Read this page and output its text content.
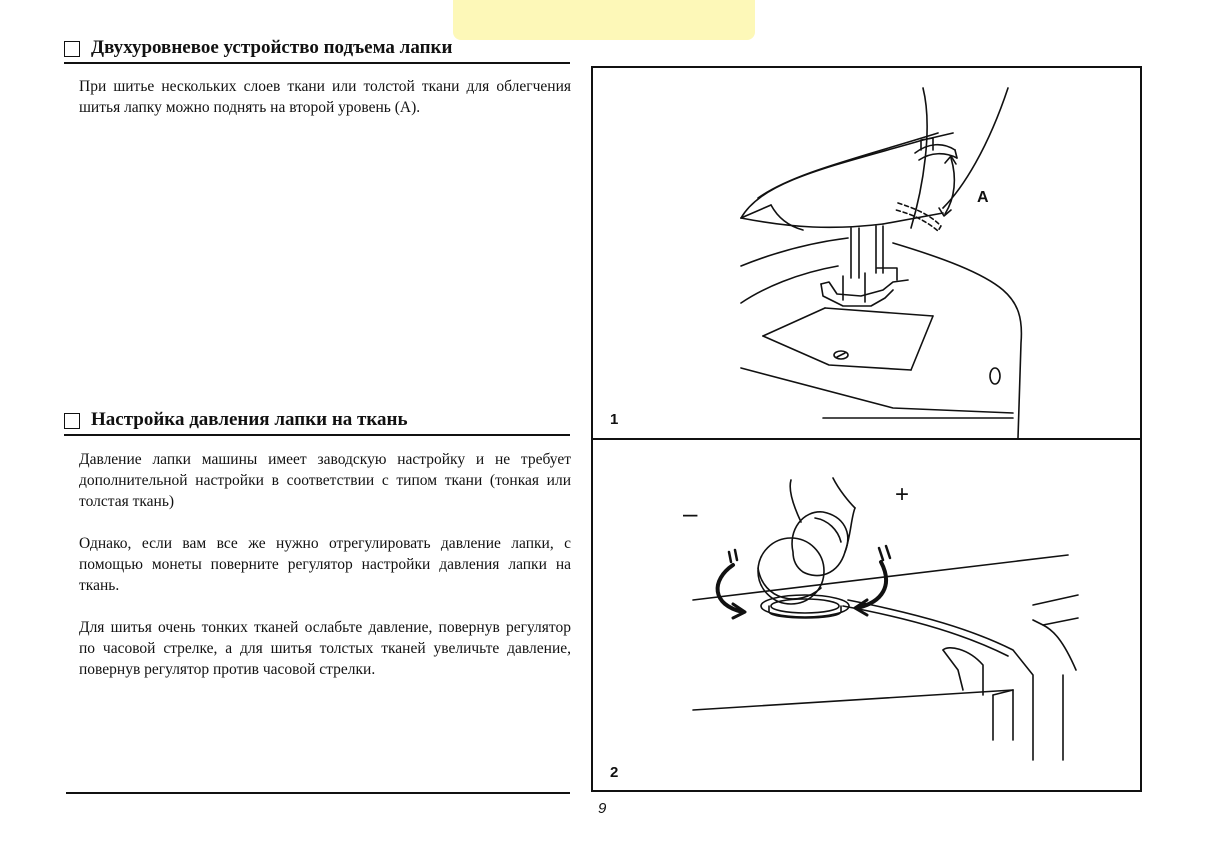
Двухуровневое устройство подъема лапки

При шитье нескольких слоев ткани или толстой ткани для облегчения шитья лапку можно поднять на второй уровень (А).

Настройка давления лапки на ткань

Давление лапки машины имеет заводскую настройку и не требует дополнительной настройки в соответствии с типом ткани (тонкая или толстая ткань)

Однако, если вам все же нужно отрегулировать давление лапки, с помощью монеты поверните регулятор настройки давления лапки на ткань.

Для шитья очень тонких тканей ослабьте давление, повернув регулятор по часовой стрелке, а для шитья толстых тканей увеличьте давление, повернув регулятор против часовой стрелки.

A
1
–
+
2
9
